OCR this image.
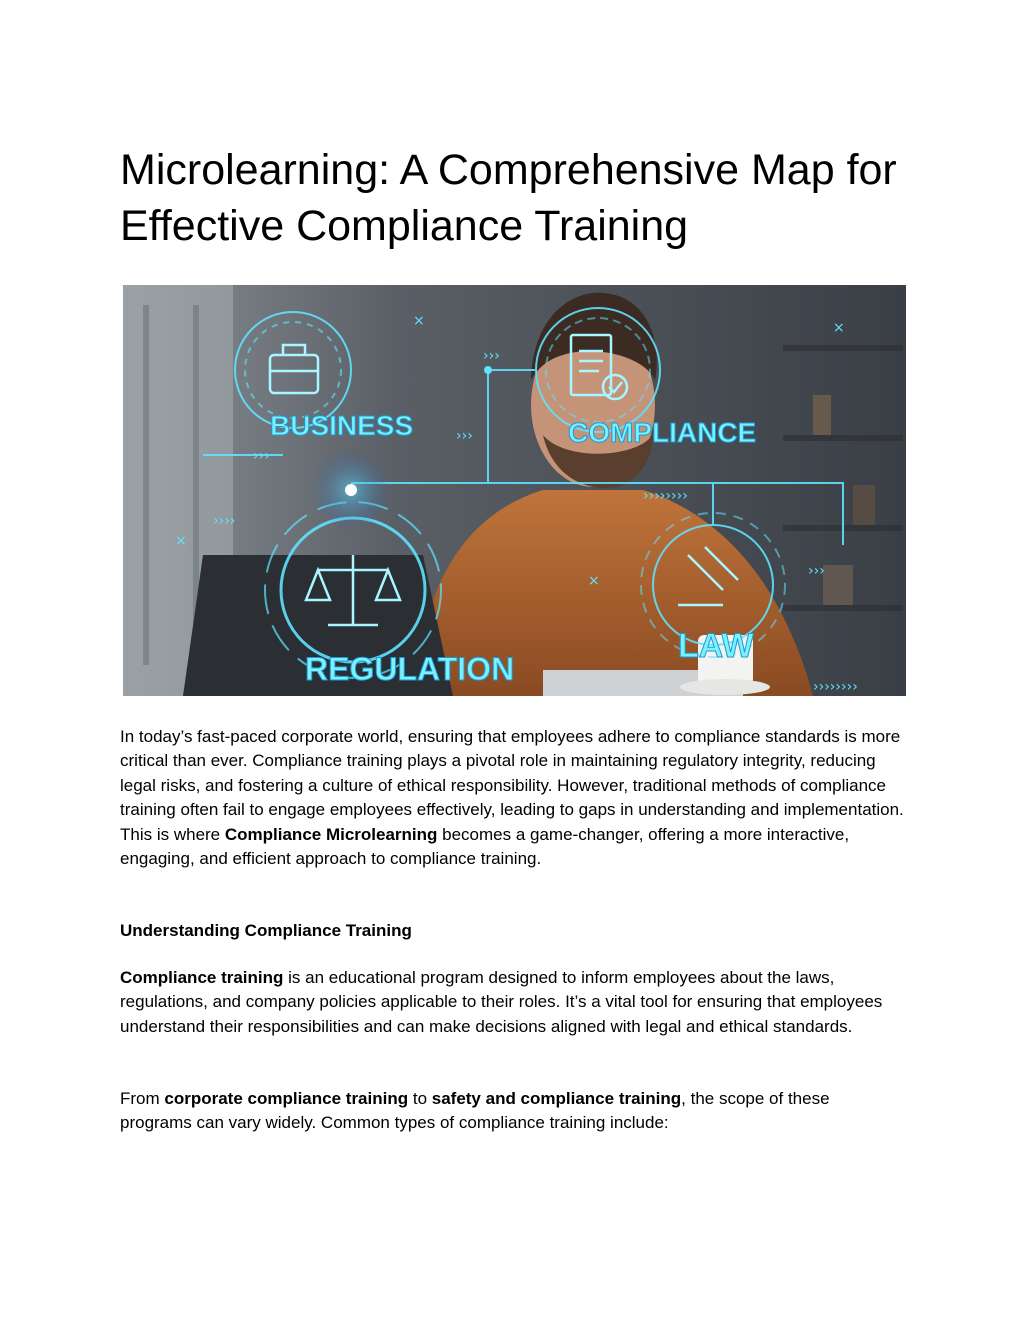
Microlearning: A Comprehensive Map for Effective Compliance Training
BUSINESS	COMPLIANCE
REGULATION
LAW
×	×
×
×
›››
›››
›››
››››››››
››››
›››
››››››››

In today’s fast-paced corporate world, ensuring that employees adhere to compliance standards is more critical than ever. Compliance training plays a pivotal role in maintaining regulatory integrity, reducing legal risks, and fostering a culture of ethical responsibility. However, traditional methods of compliance training often fail to engage employees effectively, leading to gaps in understanding and implementation. This is where Compliance Microlearning becomes a game-changer, offering a more interactive, engaging, and efficient approach to compliance training.

Understanding Compliance Training

Compliance training is an educational program designed to inform employees about the laws, regulations, and company policies applicable to their roles. It’s a vital tool for ensuring that employees understand their responsibilities and can make decisions aligned with legal and ethical standards.

From corporate compliance training to safety and compliance training, the scope of these programs can vary widely. Common types of compliance training include:
